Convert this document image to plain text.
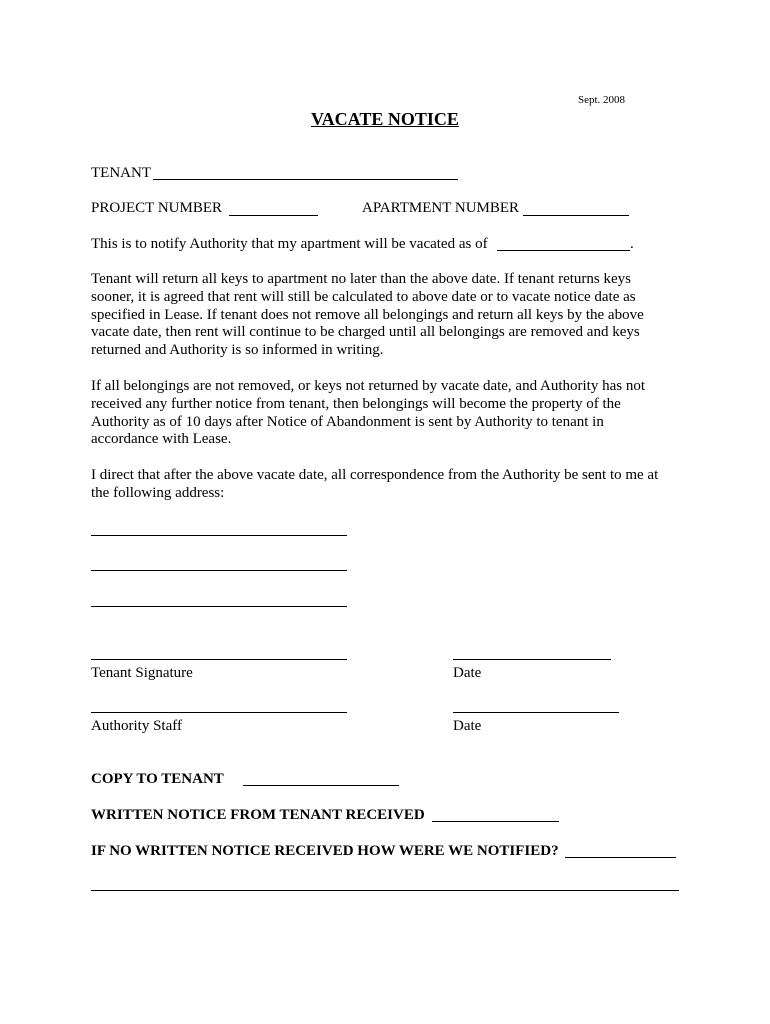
Sept. 2008
VACATE NOTICE
TENANT
PROJECT NUMBER	APARTMENT NUMBER
This is to notify Authority that my apartment will be vacated as of	.

Tenant will return all keys to apartment no later than the above date. If tenant returns keys

sooner, it is agreed that rent will still be calculated to above date or to vacate notice date as

specified in Lease. If tenant does not remove all belongings and return all keys by the above

vacate date, then rent will continue to be charged until all belongings are removed and keys

returned and Authority is so informed in writing.

If all belongings are not removed, or keys not returned by vacate date, and Authority has not

received any further notice from tenant, then belongings will become the property of the

Authority as of 10 days after Notice of Abandonment is sent by Authority to tenant in

accordance with Lease.

I direct that after the above vacate date, all correspondence from the Authority be sent to me at

the following address:

Tenant Signature	Date
Authority Staff	Date
COPY TO TENANT
WRITTEN NOTICE FROM TENANT RECEIVED
IF NO WRITTEN NOTICE RECEIVED HOW WERE WE NOTIFIED?
